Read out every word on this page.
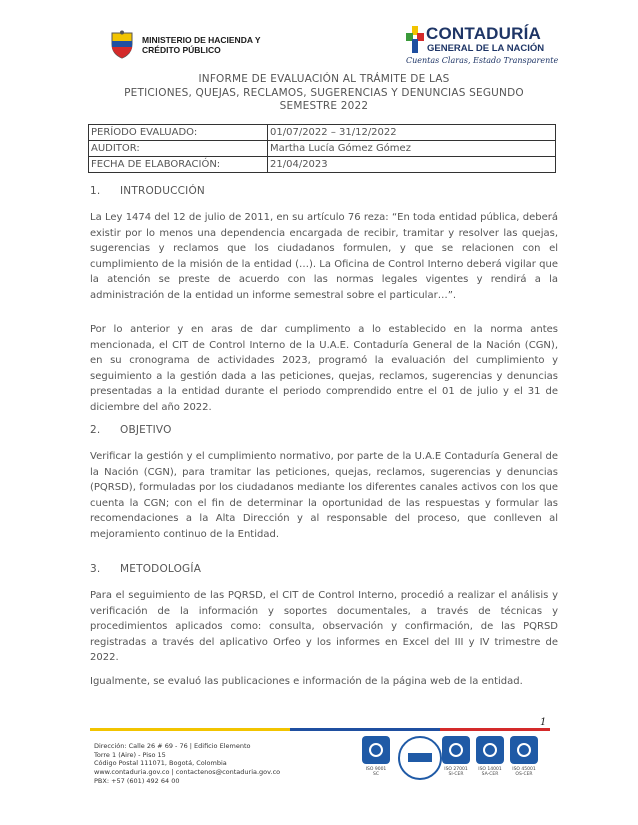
MINISTERIO DE HACIENDA Y
CRÉDITO PÚBLICO
CONTADURÍA
GENERAL DE LA NACIÓN
Cuentas Claras, Estado Transparente
INFORME DE EVALUACIÓN AL TRÁMITE DE LAS
PETICIONES, QUEJAS, RECLAMOS, SUGERENCIAS Y DENUNCIAS SEGUNDO
SEMESTRE 2022
PERÍODO EVALUADO:	01/07/2022 – 31/12/2022
AUDITOR:	Martha Lucía Gómez Gómez
FECHA DE ELABORACIÓN:	21/04/2023
1. INTRODUCCIÓN
La Ley 1474 del 12 de julio de 2011, en su artículo 76 reza: “En toda entidad pública, deberá existir por lo menos una dependencia encargada de recibir, tramitar y resolver las quejas, sugerencias y reclamos que los ciudadanos formulen, y que se relacionen con el cumplimiento de la misión de la entidad (…). La Oficina de Control Interno deberá vigilar que la atención se preste de acuerdo con las normas legales vigentes y rendirá a la administración de la entidad un informe semestral sobre el particular…”.
Por lo anterior y en aras de dar cumplimento a lo establecido en la norma antes mencionada, el CIT de Control Interno de la U.A.E. Contaduría General de la Nación (CGN), en su cronograma de actividades 2023, programó la evaluación del cumplimiento y seguimiento a la gestión dada a las peticiones, quejas, reclamos, sugerencias y denuncias presentadas a la entidad durante el periodo comprendido entre el 01 de julio y el 31 de diciembre del año 2022.
2. OBJETIVO
Verificar la gestión y el cumplimiento normativo, por parte de la U.A.E Contaduría General de la Nación (CGN), para tramitar las peticiones, quejas, reclamos, sugerencias y denuncias (PQRSD), formuladas por los ciudadanos mediante los diferentes canales activos con los que cuenta la CGN; con el fin de determinar la oportunidad de las respuestas y formular las recomendaciones a la Alta Dirección y al responsable del proceso, que conlleven al mejoramiento continuo de la Entidad.
3. METODOLOGÍA
Para el seguimiento de las PQRSD, el CIT de Control Interno, procedió a realizar el análisis y verificación de la información y soportes documentales, a través de técnicas y procedimientos aplicados como: consulta, observación y confirmación, de las PQRSD registradas a través del aplicativo Orfeo y los informes en Excel del III y IV trimestre de 2022.
Igualmente, se evaluó las publicaciones e información de la página web de la entidad.
1
Dirección: Calle 26 # 69 - 76 | Edificio Elemento
Torre 1 (Aire) - Piso 15
Código Postal 111071, Bogotá, Colombia
www.contaduria.gov.co | contactenos@contaduria.gov.co
PBX: +57 (601) 492 64 00
ISO 9001
SC
ISO 27001
SI-CER
ISO 14001
SA-CER
ISO 45001
OS-CER
